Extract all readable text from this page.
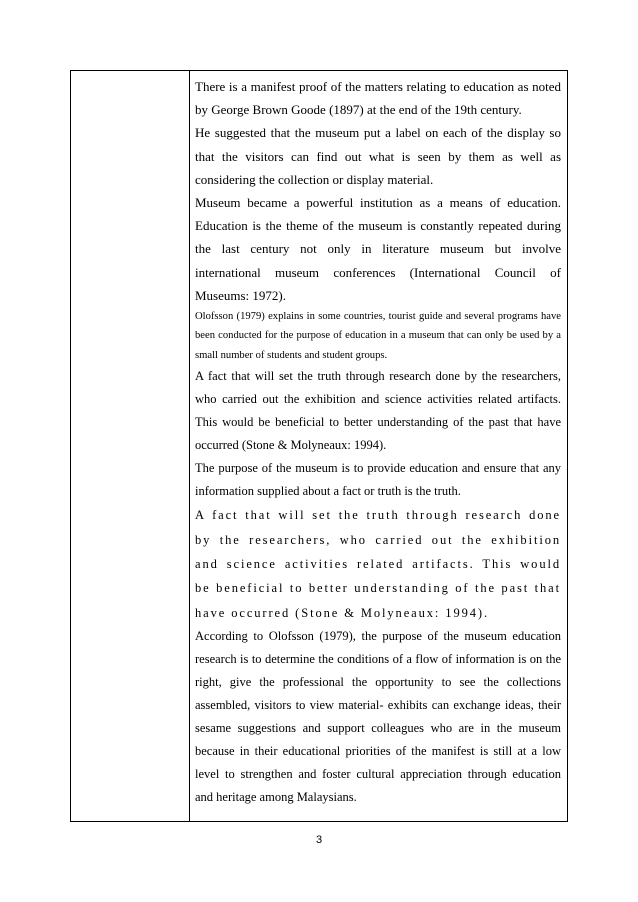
There is a manifest proof of the matters relating to education as noted by George Brown Goode (1897) at the end of the 19th century.

He suggested that the museum put a label on each of the display so that the visitors can find out what is seen by them as well as considering the collection or display material.

Museum became a powerful institution as a means of education. Education is the theme of the museum is constantly repeated during the last century not only in literature museum but involve international museum conferences (International Council of Museums: 1972).

Olofsson (1979) explains in some countries, tourist guide and several programs have been conducted for the purpose of education in a museum that can only be used by a small number of students and student groups.

A fact that will set the truth through research done by the researchers, who carried out the exhibition and science activities related artifacts. This would be beneficial to better understanding of the past that have occurred (Stone & Molyneaux: 1994).

The purpose of the museum is to provide education and ensure that any information supplied about a fact or truth is the truth.

A fact that will set the truth through research done by the researchers, who carried out the exhibition and science activities related artifacts. This would be beneficial to better understanding of the past that have occurred (Stone & Molyneaux: 1994).

According to Olofsson (1979), the purpose of the museum education research is to determine the conditions of a flow of information is on the right, give the professional the opportunity to see the collections assembled, visitors to view material- exhibits can exchange ideas, their sesame suggestions and support colleagues who are in the museum because in their educational priorities of the manifest is still at a low level to strengthen and foster cultural appreciation through education and heritage among Malaysians.

3
